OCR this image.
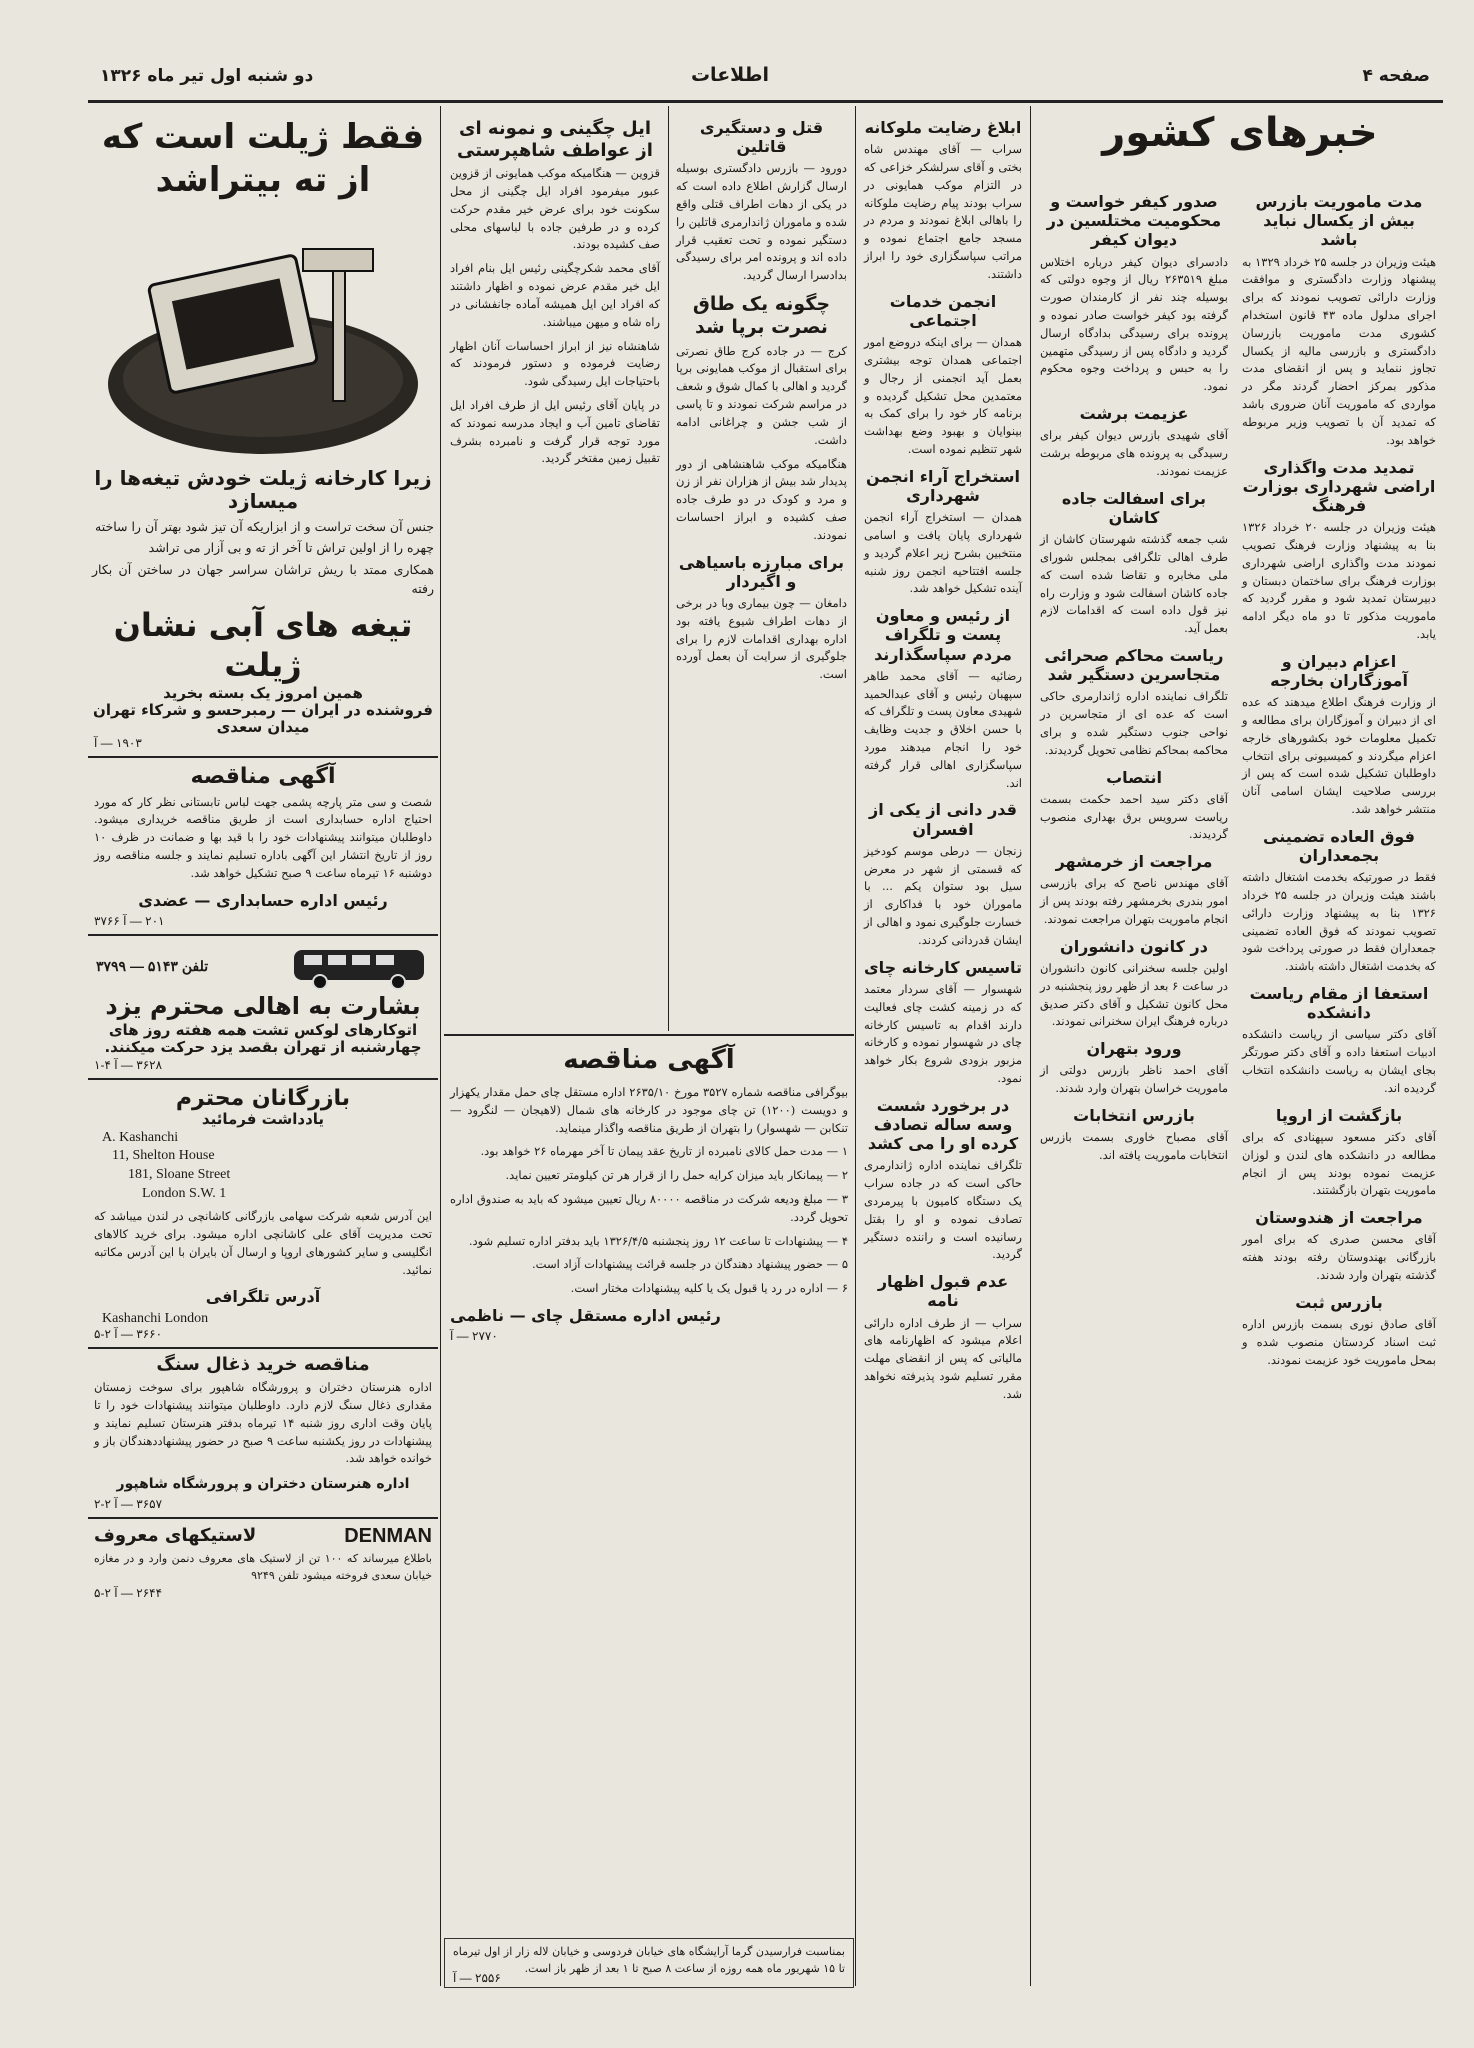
صفحه ۴
اطلاعات
دو شنبه اول تیر ماه ۱۳۲۶
خبرهای کشور
مدت ماموریت بازرس بیش از یکسال نباید باشد

هیئت وزیران در جلسه ۲۵ خرداد ۱۳۲۹ به پیشنهاد وزارت دادگستری و موافقت وزارت دارائی تصویب نمودند که برای اجرای مدلول ماده ۴۳ قانون استخدام کشوری مدت ماموریت بازرسان دادگستری و بازرسی مالیه از یکسال تجاوز ننماید و پس از انقضای مدت مذکور بمرکز احضار گردند مگر در مواردی که ماموریت آنان ضروری باشد که تمدید آن با تصویب وزیر مربوطه خواهد بود.

تمدید مدت واگذاری اراضی شهرداری بوزارت فرهنگ

هیئت وزیران در جلسه ۲۰ خرداد ۱۳۲۶ بنا به پیشنهاد وزارت فرهنگ تصویب نمودند مدت واگذاری اراضی شهرداری بوزارت فرهنگ برای ساختمان دبستان و دبیرستان تمدید شود و مقرر گردید که ماموریت مذکور تا دو ماه دیگر ادامه یابد.

اعزام دبیران و آموزگاران بخارجه

از وزارت فرهنگ اطلاع میدهند که عده ای از دبیران و آموزگاران برای مطالعه و تکمیل معلومات خود بکشورهای خارجه اعزام میگردند و کمیسیونی برای انتخاب داوطلبان تشکیل شده است که پس از بررسی صلاحیت ایشان اسامی آنان منتشر خواهد شد.

فوق العاده تضمینی بجمعداران

فقط در صورتیکه بخدمت اشتغال داشته باشند هیئت وزیران در جلسه ۲۵ خرداد ۱۳۲۶ بنا به پیشنهاد وزارت دارائی تصویب نمودند که فوق العاده تضمینی جمعداران فقط در صورتی پرداخت شود که بخدمت اشتغال داشته باشند.

استعفا از مقام ریاست دانشکده

آقای دکتر سیاسی از ریاست دانشکده ادبیات استعفا داده و آقای دکتر صورتگر بجای ایشان به ریاست دانشکده انتخاب گردیده اند.

بازگشت از اروپا

آقای دکتر مسعود سپهنادی که برای مطالعه در دانشکده های لندن و لوزان عزیمت نموده بودند پس از انجام ماموریت بتهران بازگشتند.

مراجعت از هندوستان

آقای محسن صدری که برای امور بازرگانی بهندوستان رفته بودند هفته گذشته بتهران وارد شدند.

بازرس ثبت

آقای صادق نوری بسمت بازرس اداره ثبت اسناد کردستان منصوب شده و بمحل ماموریت خود عزیمت نمودند.

صدور کیفر خواست و محکومیت مختلسین در دیوان کیفر

دادسرای دیوان کیفر درباره اختلاس مبلغ ۲۶۳۵۱۹ ریال از وجوه دولتی که بوسیله چند نفر از کارمندان صورت گرفته بود کیفر خواست صادر نموده و پرونده برای رسیدگی بدادگاه ارسال گردید و دادگاه پس از رسیدگی متهمین را به حبس و پرداخت وجوه محکوم نمود.

عزیمت برشت

آقای شهیدی بازرس دیوان کیفر برای رسیدگی به پرونده های مربوطه برشت عزیمت نمودند.

برای اسفالت جاده کاشان

شب جمعه گذشته شهرستان کاشان از طرف اهالی تلگرافی بمجلس شورای ملی مخابره و تقاضا شده است که جاده کاشان اسفالت شود و وزارت راه نیز قول داده است که اقدامات لازم بعمل آید.

ریاست محاکم صحرائی متجاسرین دستگیر شد

تلگراف نماینده اداره ژاندارمری حاکی است که عده ای از متجاسرین در نواحی جنوب دستگیر شده و برای محاکمه بمحاکم نظامی تحویل گردیدند.

انتصاب

آقای دکتر سید احمد حکمت بسمت ریاست سرویس برق بهداری منصوب گردیدند.

مراجعت از خرمشهر

آقای مهندس ناصح که برای بازرسی امور بندری بخرمشهر رفته بودند پس از انجام ماموریت بتهران مراجعت نمودند.

در کانون دانشوران

اولین جلسه سخنرانی کانون دانشوران در ساعت ۶ بعد از ظهر روز پنجشنبه در محل کانون تشکیل و آقای دکتر صدیق درباره فرهنگ ایران سخنرانی نمودند.

ورود بتهران

آقای احمد ناظر بازرس دولتی از ماموریت خراسان بتهران وارد شدند.

بازرس انتخابات

آقای مصباح خاوری بسمت بازرس انتخابات ماموریت یافته اند.

ابلاغ رضایت ملوکانه

سراب — آقای مهندس شاه بختی و آقای سرلشکر خزاعی که در التزام موکب همایونی در سراب بودند پیام رضایت ملوکانه را باهالی ابلاغ نمودند و مردم در مسجد جامع اجتماع نموده و مراتب سپاسگزاری خود را ابراز داشتند.

انجمن خدمات اجتماعی

همدان — برای اینکه دروضع امور اجتماعی همدان توجه بیشتری بعمل آید انجمنی از رجال و معتمدین محل تشکیل گردیده و برنامه کار خود را برای کمک به بینوایان و بهبود وضع بهداشت شهر تنظیم نموده است.

استخراج آراء انجمن شهرداری

همدان — استخراج آراء انجمن شهرداری پایان یافت و اسامی منتخبین بشرح زیر اعلام گردید و جلسه افتتاحیه انجمن روز شنبه آینده تشکیل خواهد شد.

از رئیس و معاون پست و تلگراف مردم سپاسگذارند

رضائیه — آقای محمد طاهر سپهبان رئیس و آقای عبدالحمید شهیدی معاون پست و تلگراف که با حسن اخلاق و جدیت وظایف خود را انجام میدهند مورد سپاسگزاری اهالی قرار گرفته اند.

قدر دانی از یکی از افسران

زنجان — درطی موسم کودخیز که قسمتی از شهر در معرض سیل بود ستوان یکم ... با ماموران خود با فداکاری از خسارت جلوگیری نمود و اهالی از ایشان قدردانی کردند.

تاسیس کارخانه چای

شهسوار — آقای سردار معتمد که در زمینه کشت چای فعالیت دارند اقدام به تاسیس کارخانه چای در شهسوار نموده و کارخانه مزبور بزودی شروع بکار خواهد نمود.

در برخورد شست وسه ساله تصادف کرده او را می کشد

تلگراف نماینده اداره ژاندارمری حاکی است که در جاده سراب یک دستگاه کامیون با پیرمردی تصادف نموده و او را بقتل رسانیده است و راننده دستگیر گردید.

عدم قبول اظهار نامه

سراب — از طرف اداره دارائی اعلام میشود که اظهارنامه های مالیاتی که پس از انقضای مهلت مقرر تسلیم شود پذیرفته نخواهد شد.

قتل و دستگیری قاتلین

دورود — بازرس دادگستری بوسیله ارسال گزارش اطلاع داده است که در یکی از دهات اطراف قتلی واقع شده و ماموران ژاندارمری قاتلین را دستگیر نموده و تحت تعقیب قرار داده اند و پرونده امر برای رسیدگی بدادسرا ارسال گردید.

چگونه یک طاق نصرت برپا شد

کرج — در جاده کرج طاق نصرتی برای استقبال از موکب همایونی برپا گردید و اهالی با کمال شوق و شعف در مراسم شرکت نمودند و تا پاسی از شب جشن و چراغانی ادامه داشت.

هنگامیکه موکب شاهنشاهی از دور پدیدار شد بیش از هزاران نفر از زن و مرد و کودک در دو طرف جاده صف کشیده و ابراز احساسات نمودند.

برای مبارزه باسیاهی و اگیردار

دامغان — چون بیماری وبا در برخی از دهات اطراف شیوع یافته بود اداره بهداری اقدامات لازم را برای جلوگیری از سرایت آن بعمل آورده است.

ایل چگینی و نمونه ای از عواطف شاهپرستی

قزوین — هنگامیکه موکب همایونی از قزوین عبور میفرمود افراد ایل چگینی از محل سکونت خود برای عرض خیر مقدم حرکت کرده و در طرفین جاده با لباسهای محلی صف کشیده بودند.

آقای محمد شکرچگینی رئیس ایل بنام افراد ایل خیر مقدم عرض نموده و اظهار داشتند که افراد این ایل همیشه آماده جانفشانی در راه شاه و میهن میباشند.

شاهنشاه نیز از ابراز احساسات آنان اظهار رضایت فرموده و دستور فرمودند که باحتیاجات ایل رسیدگی شود.

در پایان آقای رئیس ایل از طرف افراد ایل تقاضای تامین آب و ایجاد مدرسه نمودند که مورد توجه قرار گرفت و نامبرده بشرف تقبیل زمین مفتخر گردید.

آگهی مناقصه

بیوگرافی مناقصه شماره ۳۵۲۷ مورخ ۲۶۳۵/۱۰ اداره مستقل چای حمل مقدار یکهزار و دویست (۱۲۰۰) تن چای موجود در کارخانه های شمال (لاهیجان — لنگرود — تنکابن — شهسوار) را بتهران از طریق مناقصه واگذار مینماید.

۱ — مدت حمل کالای نامبرده از تاریخ عقد پیمان تا آخر مهرماه ۲۶ خواهد بود.

۲ — پیمانکار باید میزان کرایه حمل را از قرار هر تن کیلومتر تعیین نماید.

۳ — مبلغ ودیعه شرکت در مناقصه ۸۰۰۰۰ ریال تعیین میشود که باید به صندوق اداره تحویل گردد.

۴ — پیشنهادات تا ساعت ۱۲ روز پنجشنبه ۱۳۲۶/۴/۵ باید بدفتر اداره تسلیم شود.

۵ — حضور پیشنهاد دهندگان در جلسه قرائت پیشنهادات آزاد است.

۶ — اداره در رد یا قبول یک یا کلیه پیشنهادات مختار است.

رئیس اداره مستقل چای — ناظمی
۲۷۷۰ — آ

بمناسبت فرارسیدن گرما آرایشگاه های خیابان فردوسی و خیابان لاله زار از اول تیرماه تا ۱۵ شهریور ماه همه روزه از ساعت ۸ صبح تا ۱ بعد از ظهر باز است.

۲۵۵۶ — آ
فقط ژیلت است که از ته بیتراشد
زیرا کارخانه ژیلت خودش تیغه‌ها را میسازد

جنس آن سخت تراست و از ابزاریکه آن تیز شود بهتر آن را ساخته

چهره را از اولین تراش تا آخر از ته و بی آزار می تراشد

همکاری ممتد با ریش تراشان سراسر جهان در ساختن آن بکار رفته

تیغه های آبی نشان ژیلت
همین امروز یک بسته بخرید
فروشنده در ایران — رمبرحسو و شرکاء تهران میدان سعدی
۱۹۰۳ — آ
آگهی مناقصه

شصت و سی متر پارچه پشمی جهت لباس تابستانی نظر کار که مورد احتیاج اداره حسابداری است از طریق مناقصه خریداری میشود. داوطلبان میتوانند پیشنهادات خود را با قید بها و ضمانت در ظرف ۱۰ روز از تاریخ انتشار این آگهی باداره تسلیم نمایند و جلسه مناقصه روز دوشنبه ۱۶ تیرماه ساعت ۹ صبح تشکیل خواهد شد.

رئیس اداره حسابداری — عضدی
۲۰۱ — آ ۳۷۶۶
تلفن ۵۱۴۳ — ۳۷۹۹
بشارت به اهالی محترم یزد
اتوکارهای لوکس تشت همه هفته روز های چهارشنبه از تهران بقصد یزد حرکت میکنند.
۳۶۲۸ — آ ۴-۱
بازرگانان محترم
یادداشت فرمائید
A. Kashanchi
11, Shelton House
181, Sloane Street
London S.W. 1

این آدرس شعبه شرکت سهامی بازرگانی کاشانچی در لندن میباشد که تحت مدیریت آقای علی کاشانچی اداره میشود. برای خرید کالاهای انگلیسی و سایر کشورهای اروپا و ارسال آن بایران با این آدرس مکاتبه نمائید.

آدرس تلگرافی
Kashanchi London
۳۶۶۰ — آ ۲-۵
مناقصه خرید ذغال سنگ

اداره هنرستان دختران و پرورشگاه شاهپور برای سوخت زمستان مقداری ذغال سنگ لازم دارد. داوطلبان میتوانند پیشنهادات خود را تا پایان وقت اداری روز شنبه ۱۴ تیرماه بدفتر هنرستان تسلیم نمایند و پیشنهادات در روز یکشنبه ساعت ۹ صبح در حضور پیشنهاددهندگان باز و خوانده خواهد شد.

اداره هنرستان دختران و پرورشگاه شاهپور
۳۶۵۷ — آ ۲-۲
DENMAN
لاستیکهای معروف

باطلاع میرساند که ۱۰۰ تن از لاستیک های معروف دنمن وارد و در مغازه خیابان سعدی فروخته میشود تلفن ۹۲۴۹

۲۶۴۴ — آ ۲-۵
